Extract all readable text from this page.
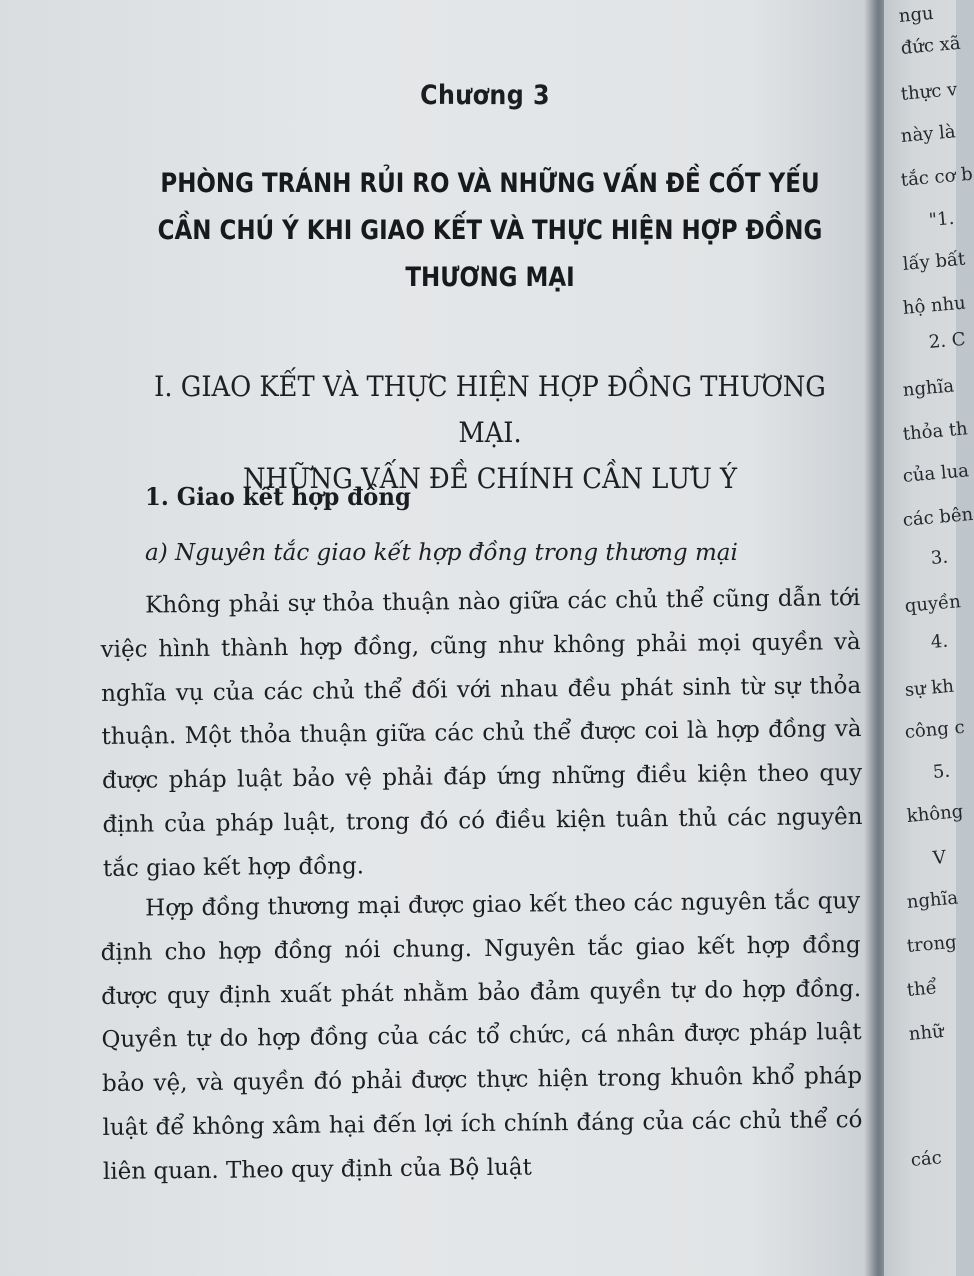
Chương 3
PHÒNG TRÁNH RỦI RO VÀ NHỮNG VẤN ĐỀ CỐT YẾU
CẦN CHÚ Ý KHI GIAO KẾT VÀ THỰC HIỆN HỢP ĐỒNG
THƯƠNG MẠI
I. GIAO KẾT VÀ THỰC HIỆN HỢP ĐỒNG THƯƠNG MẠI.
NHỮNG VẤN ĐỀ CHÍNH CẦN LƯU Ý
1. Giao kết hợp đồng
a) Nguyên tắc giao kết hợp đồng trong thương mại

Không phải sự thỏa thuận nào giữa các chủ thể cũng dẫn tới việc hình thành hợp đồng, cũng như không phải mọi quyền và nghĩa vụ của các chủ thể đối với nhau đều phát sinh từ sự thỏa thuận. Một thỏa thuận giữa các chủ thể được coi là hợp đồng và được pháp luật bảo vệ phải đáp ứng những điều kiện theo quy định của pháp luật, trong đó có điều kiện tuân thủ các nguyên tắc giao kết hợp đồng.

Hợp đồng thương mại được giao kết theo các nguyên tắc quy định cho hợp đồng nói chung. Nguyên tắc giao kết hợp đồng được quy định xuất phát nhằm bảo đảm quyền tự do hợp đồng. Quyền tự do hợp đồng của các tổ chức, cá nhân được pháp luật bảo vệ, và quyền đó phải được thực hiện trong khuôn khổ pháp luật để không xâm hại đến lợi ích chính đáng của các chủ thể có liên quan. Theo quy định của Bộ luật

ngu
đức xã
thực v
này là
tắc cơ b
"1.
lấy bất
hộ nhu
2. C
nghĩa
thỏa th
của lua
các bên
3.
quyền
4.
sự kh
công c
5.
không
V
nghĩa
trong
thể
nhữ
các
